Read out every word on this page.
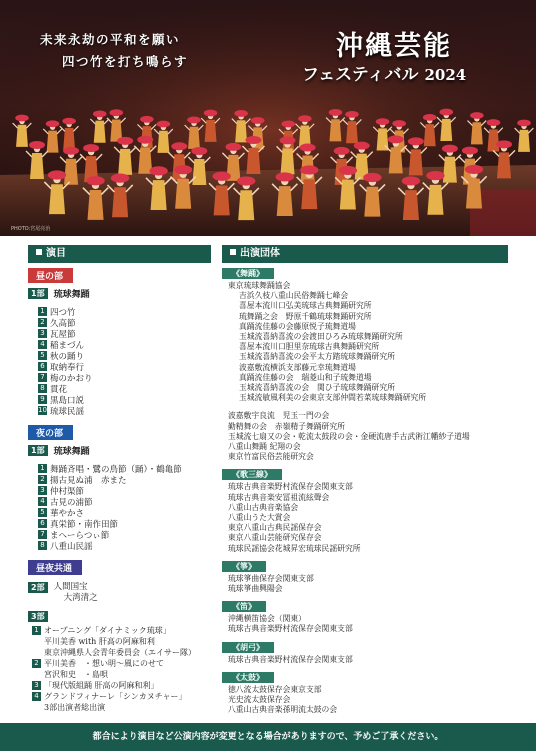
未来永劫の平和を願い
四つ竹を打ち鳴らす	沖縄芸能
フェスティバル 2024
PHOTO:宮尾亮治
演目	出演団体
昼の部
1部	琉球舞踊
1 四つ竹
2 久高節
3 瓦屋節
4 稲まづん
5 秋の踊り
6 取納奉行
7 梅のかおり
8 貫花
9 黒島口説
10 琉球民謡
夜の部
1部	琉球舞踊
1 舞踊斉唱・鷺の鳥節（踊）・鶴亀節
2 揚古見ぬ浦　赤また
3 仲村渠節
4 古見の浦節
5 華やかさ
6 真栄節・南作田節
7 まへーらつぃ節
8 八重山民謡
昼夜共通
2部	人間国宝
大湾清之
3部
1 オープニング「ダイナミック琉球」
平川美香 with 肝高の阿麻和利
東京沖縄県人会青年委員会（エイサー隊）
2 平川美香　・想い明～風にのせて
宮沢和史　・島唄
3 「現代版組踊 肝高の阿麻和利」
4 グランドフィナーレ「シンカヌチャー」
3部出演者総出演
《舞踊》
東京琉球舞踊協会
吉浜久枝八重山民俗舞踊七峰会
喜屋本流川口弘美琉球古典舞踊研究所
琉舞踊之会　野原千鶴琉球舞踊研究所
真踊流佳藤の会藤原悦子琉舞道場
玉城流喜納喜流の会渡田ひろみ琉球舞踊研究所
喜屋本流川口胆里奈琉球古典舞踊研究所
玉城流喜納喜流の会平太方踏琉球舞踊研究所
波嘉敷流横浜支部藤元幸琉舞道場
真踊流佳藤の会　瑞菱山和子琉舞道場
玉城流喜納喜流の会　関ひ子琉球舞踊研究所
玉城流敏風利美の会東京支部仲間若菜琉球舞踊研究所
波嘉敷宇良流　児玉一門の会
勤精舞の会　赤嶺精子舞踊研究所
玉城流七扇又の会・乾流太鼓段の会・金硬流唐手古武術江幡紗子道場
八重山舞踊 紀翔の会
東京竹富民俗芸能研究会
《歌三線》
琉球古典音楽野村流保存会関東支部
琉球古典音楽安冨祖流絃聲会
八重山古典音楽協会
八重山うた大賞会
東京八重山古典民謡保存会
東京八重山芸能研究保存会
琉球民謡協会花城昇宏琉球民謡研究所
《箏》
琉球箏曲保存会関東支部
琉球箏曲興陽会
《笛》
沖縄横笛協会（関東）
琉球古典音楽野村流保存会関東支部
《胡弓》
琉球古典音楽野村流保存会関東支部
《太鼓》
徳八流太鼓保存会東京支部
光史流太鼓保存会
八重山古典音楽孫明流太鼓の会
都合により演目など公演内容が変更となる場合がありますので、予めご了承ください。
